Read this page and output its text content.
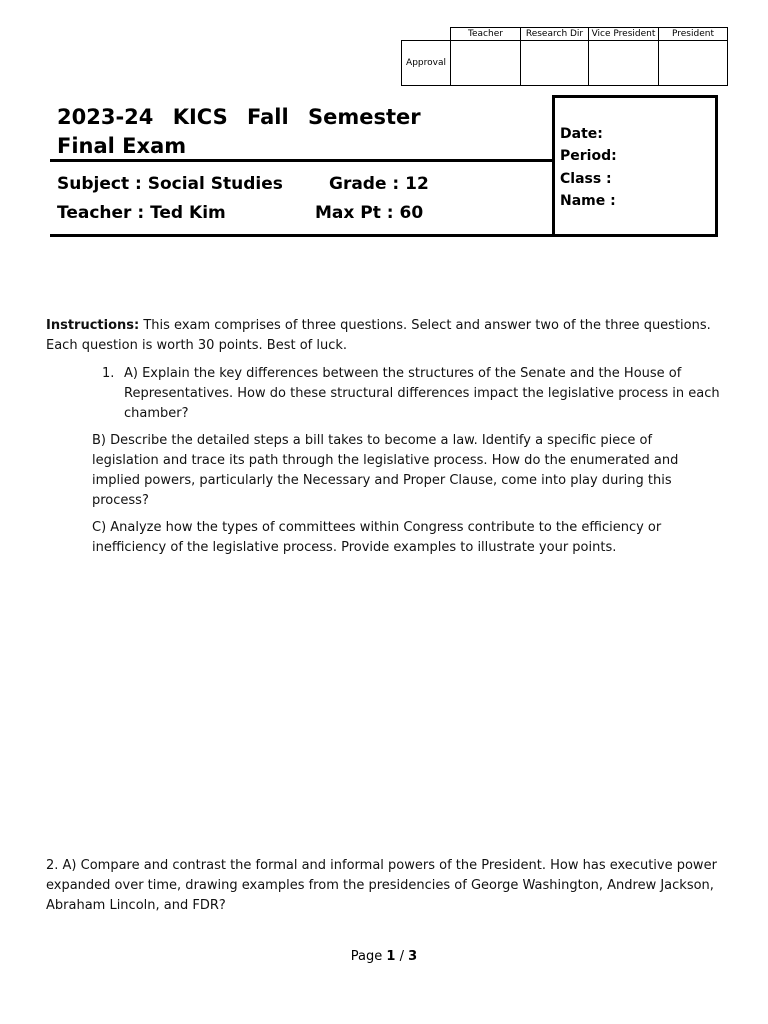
	Teacher	Research Dir	Vice President	President
Approval				
2023-24 KICS Fall Semester
Final Exam
Subject : Social Studies	Grade : 12
Teacher : Ted Kim	Max Pt : 60
Date:
Period:
Class :
Name :
Instructions: This exam comprises of three questions. Select and answer two of the three questions. Each question is worth 30 points. Best of luck.
1. A) Explain the key differences between the structures of the Senate and the House of Representatives. How do these structural differences impact the legislative process in each chamber?
B) Describe the detailed steps a bill takes to become a law. Identify a specific piece of legislation and trace its path through the legislative process. How do the enumerated and implied powers, particularly the Necessary and Proper Clause, come into play during this process?
C) Analyze how the types of committees within Congress contribute to the efficiency or inefficiency of the legislative process. Provide examples to illustrate your points.
2. A) Compare and contrast the formal and informal powers of the President. How has executive power expanded over time, drawing examples from the presidencies of George Washington, Andrew Jackson, Abraham Lincoln, and FDR?
Page 1 / 3
